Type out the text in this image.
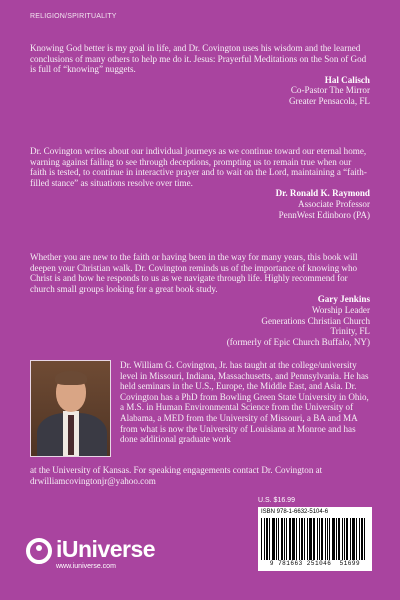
RELIGION/SPIRITUALITY

Knowing God better is my goal in life, and Dr. Covington uses his wisdom and the learned conclusions of many others to help me do it. Jesus: Prayerful Meditations on the Son of God is full of “knowing” nuggets.

Hal Calisch
Co-Pastor The Mirror
Greater Pensacola, FL

Dr. Covington writes about our individual journeys as we continue toward our eternal home, warning against failing to see through deceptions, prompting us to remain true when our faith is tested, to continue in interactive prayer and to wait on the Lord, maintaining a “faith-filled stance” as situations resolve over time.

Dr. Ronald K. Raymond
Associate Professor
PennWest Edinboro (PA)

Whether you are new to the faith or having been in the way for many years, this book will deepen your Christian walk. Dr. Covington reminds us of the importance of knowing who Christ is and how he responds to us as we navigate through life. Highly recommend for church small groups looking for a great book study.

Gary Jenkins
Worship Leader
Generations Christian Church
Trinity, FL
(formerly of Epic Church Buffalo, NY)

Dr. William G. Covington, Jr. has taught at the college/university level in Missouri, Indiana, Massachusetts, and Pennsylvania. He has held seminars in the U.S., Europe, the Middle East, and Asia. Dr. Covington has a PhD from Bowling Green State University in Ohio, a M.S. in Human Environmental Science from the University of Alabama, a MED from the University of Missouri, a BA and MA from what is now the University of Louisiana at Monroe and has done additional graduate work

at the University of Kansas. For speaking engagements contact Dr. Covington at drwilliamcovingtonjr@yahoo.com

U.S. $16.99
ISBN 978-1-6632-5104-6
9 781663 251046 51699
iUniverse
www.iuniverse.com
